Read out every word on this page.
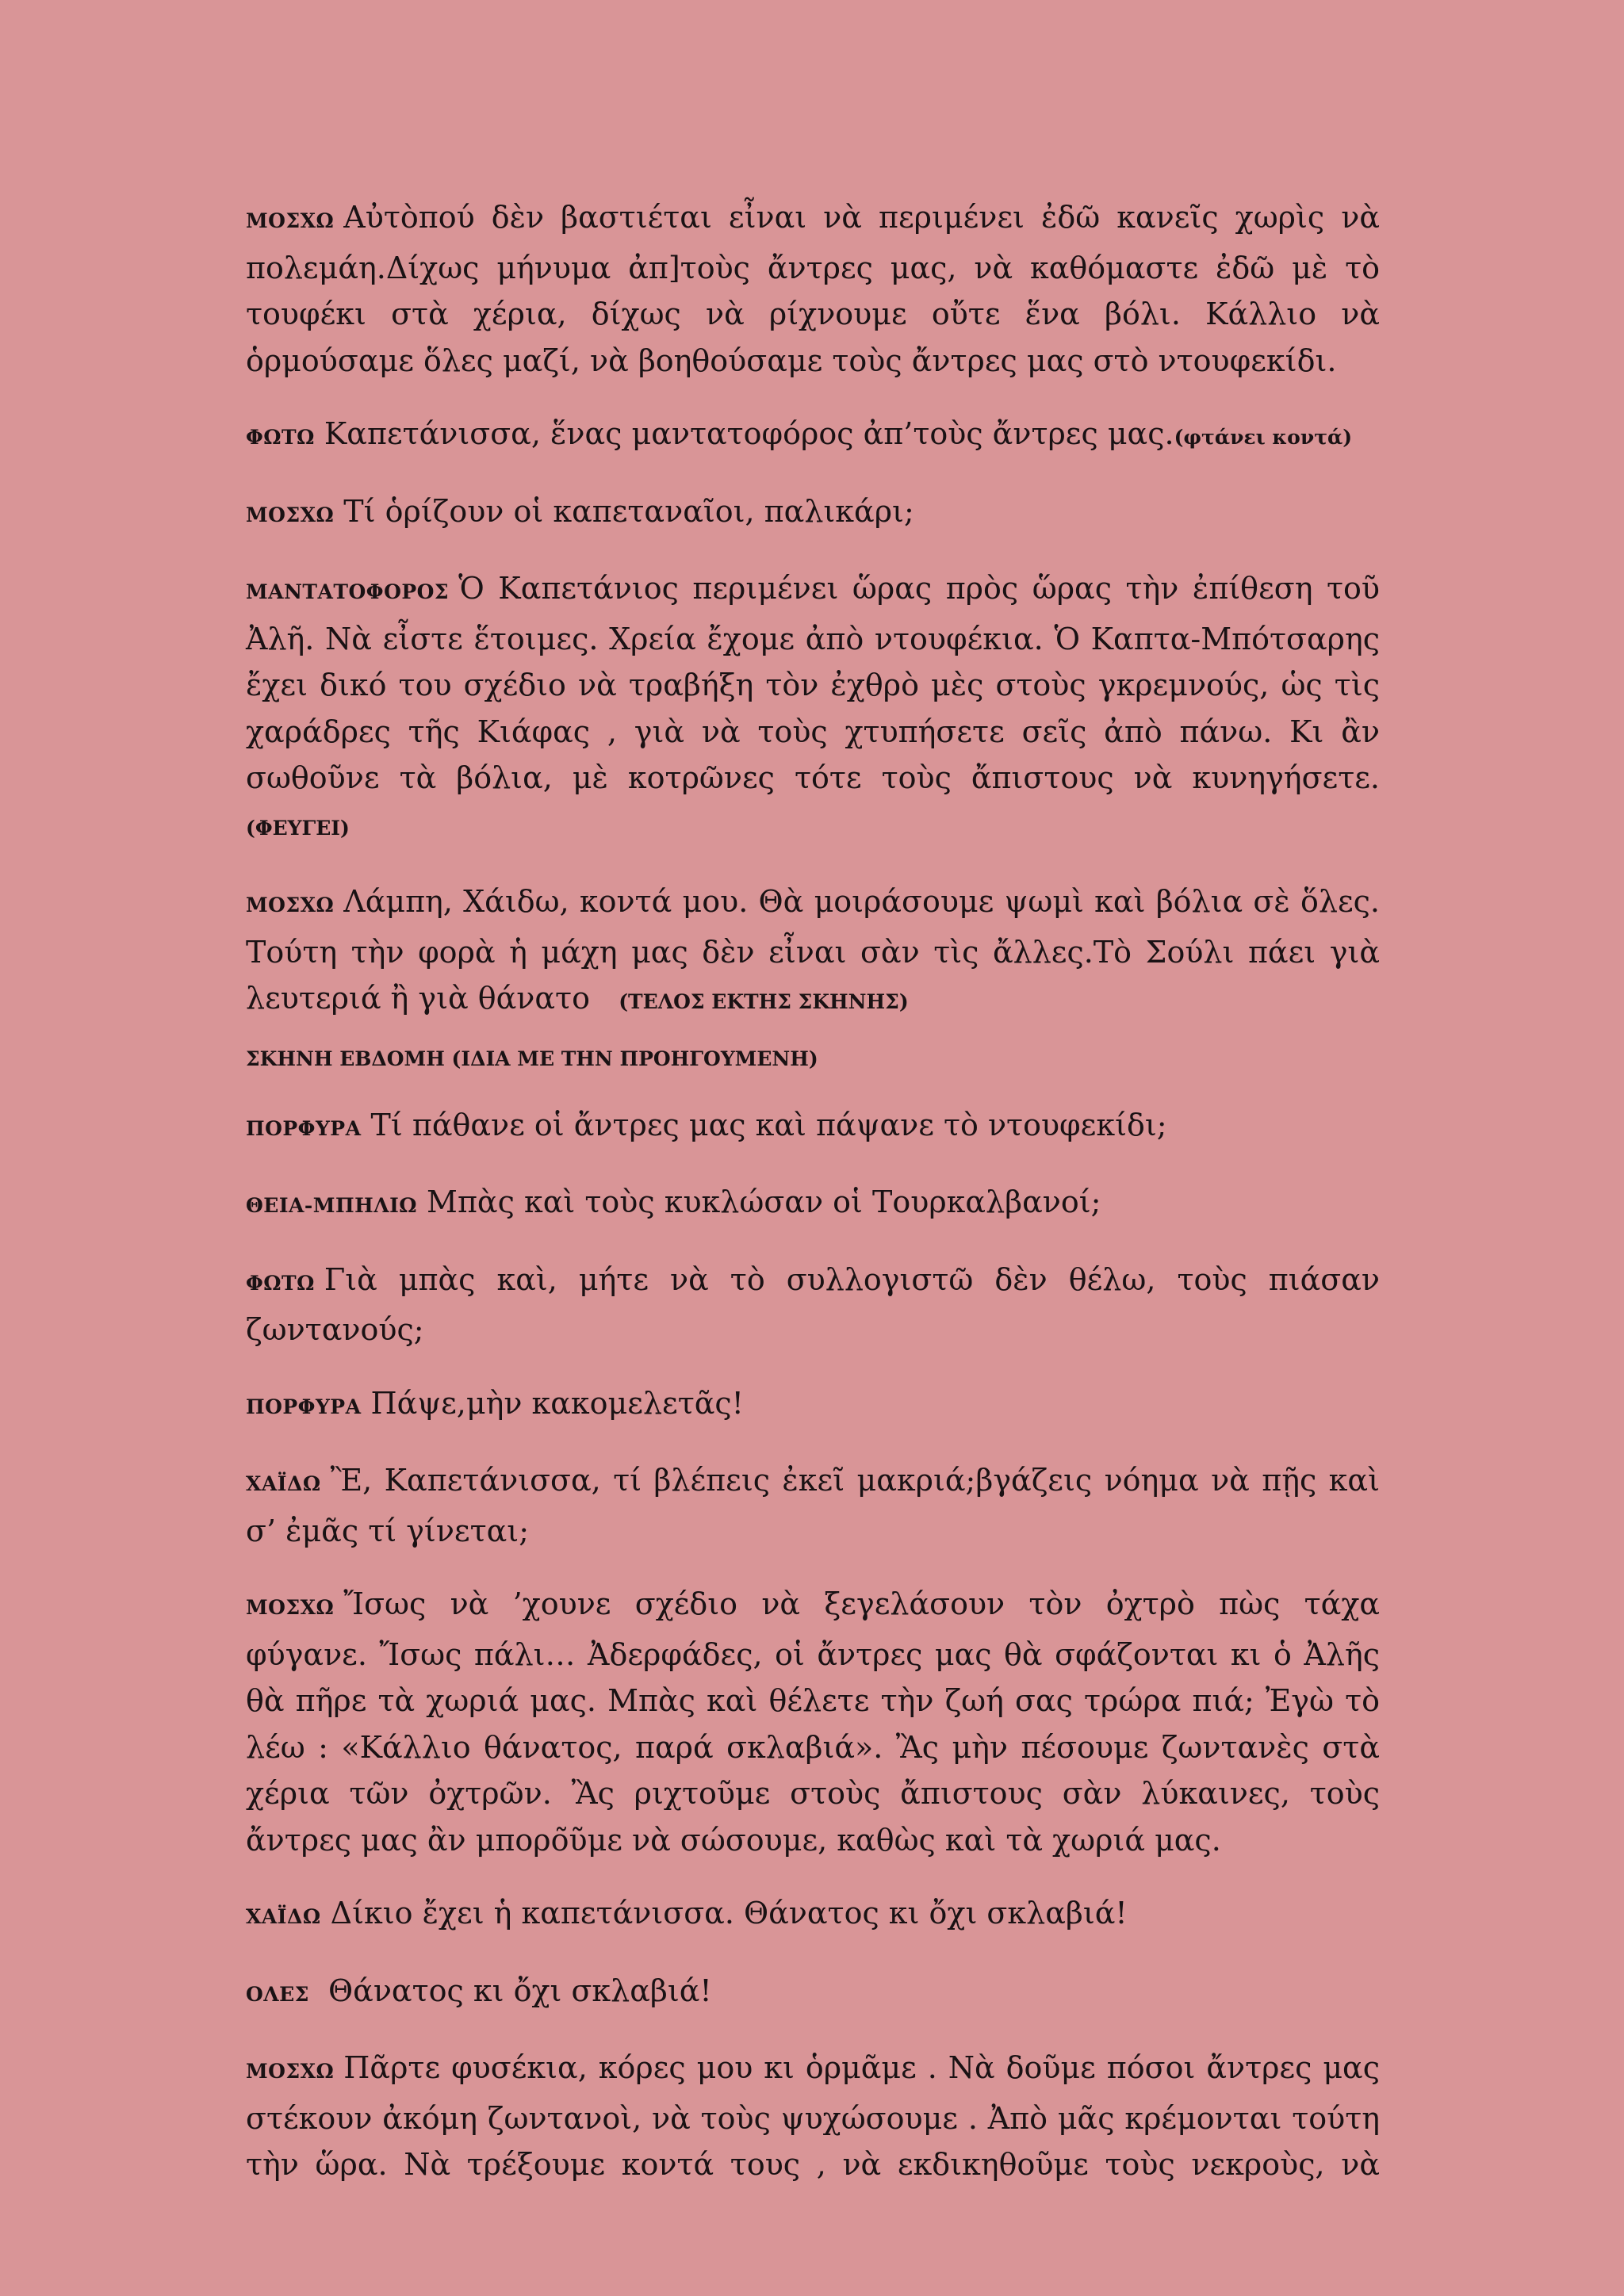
ΜΟΣΧΩ Αὐτὸπού δὲν βαστιέται εἶναι νὰ περιμένει ἐδῶ κανεῖς χωρὶς νὰ πολεμάη.Δίχως μήνυμα ἀπ]τοὺς ἄντρες μας, νὰ καθόμαστε ἐδῶ μὲ τὸ τουφέκι στὰ χέρια, δίχως νὰ ρίχνουμε οὔτε ἕνα βόλι. Κάλλιο νὰ ὁρμούσαμε ὅλες μαζί, νὰ βοηθούσαμε τοὺς ἄντρες μας στὸ ντουφεκίδι.

ΦΩΤΩ Καπετάνισσα, ἕνας μαντατοφόρος ἀπ’τοὺς ἄντρες μας.(φτάνει κοντά)

ΜΟΣΧΩ Τί ὁρίζουν οἱ καπεταναῖοι, παλικάρι;

ΜΑΝΤΑΤΟΦΟΡΟΣ Ὁ Καπετάνιος περιμένει ὥρας πρὸς ὥρας τὴν ἐπίθεση τοῦ Ἀλῆ. Νὰ εἶστε ἕτοιμες. Χρεία ἔχομε ἀπὸ ντουφέκια. Ὁ Καπτα-Μπότσαρης ἔχει δικό του σχέδιο νὰ τραβήξη τὸν ἐχθρὸ μὲς στοὺς γκρεμνούς, ὡς τὶς χαράδρες τῆς Κιάφας , γιὰ νὰ τοὺς χτυπήσετε σεῖς ἀπὸ πάνω. Κι ἂν σωθοῦνε τὰ βόλια, μὲ κοτρῶνες τότε τοὺς ἄπιστους νὰ κυνηγήσετε. (ΦΕΥΓΕΙ)

ΜΟΣΧΩ Λάμπη, Χάιδω, κοντά μου. Θὰ μοιράσουμε ψωμὶ καὶ βόλια σὲ ὅλες. Τούτη τὴν φορὰ ἡ μάχη μας δὲν εἶναι σὰν τὶς ἄλλες.Τὸ Σούλι πάει γιὰ λευτεριά ἢ γιὰ θάνατο (ΤΕΛΟΣ ΕΚΤΗΣ ΣΚΗΝΗΣ)

ΣΚΗΝΗ ΕΒΔΟΜΗ (ΙΔΙΑ ΜΕ ΤΗΝ ΠΡΟΗΓΟΥΜΕΝΗ)

ΠΟΡΦΥΡΑ Τί πάθανε οἱ ἄντρες μας καὶ πάψανε τὸ ντουφεκίδι;

ΘΕΙΑ-ΜΠΗΛΙΩ Μπὰς καὶ τοὺς κυκλώσαν οἱ Τουρκαλβανοί;

ΦΩΤΩ Γιὰ μπὰς καὶ, μήτε νὰ τὸ συλλογιστῶ δὲν θέλω, τοὺς πιάσαν ζωντανούς;

ΠΟΡΦΥΡΑ Πάψε,μὴν κακομελετᾶς!

ΧΑΪΔΩ Ἒ, Καπετάνισσα, τί βλέπεις ἐκεῖ μακριά;βγάζεις νόημα νὰ πῇς καὶ σ’ ἐμᾶς τί γίνεται;

ΜΟΣΧΩ Ἴσως νὰ ’χουνε σχέδιο νὰ ξεγελάσουν τὸν ὀχτρὸ πὼς τάχα φύγανε. Ἴσως πάλι… Ἀδερφάδες, οἱ ἄντρες μας θὰ σφάζονται κι ὁ Ἀλῆς θὰ πῆρε τὰ χωριά μας. Μπὰς καὶ θέλετε τὴν ζωή σας τρώρα πιά; Ἐγὼ τὸ λέω : «Κάλλιο θάνατος, παρά σκλαβιά». Ἂς μὴν πέσουμε ζωντανὲς στὰ χέρια τῶν ὀχτρῶν. Ἂς ριχτοῦμε στοὺς ἄπιστους σὰν λύκαινες, τοὺς ἄντρες μας ἂν μπορο̃ῦμε νὰ σώσουμε, καθὼς καὶ τὰ χωριά μας.

ΧΑΪΔΩ Δίκιο ἔχει ἡ καπετάνισσα. Θάνατος κι ὄχι σκλαβιά!

ΟΛΕΣ Θάνατος κι ὄχι σκλαβιά!

ΜΟΣΧΩ Πᾶρτε φυσέκια, κόρες μου κι ὁρμᾶμε . Νὰ δοῦμε πόσοι ἄντρες μας στέκουν ἀκόμη ζωντανοὶ, νὰ τοὺς ψυχώσουμε . Ἀπὸ μᾶς κρέμονται τούτη τὴν ὥρα. Νὰ τρέξουμε κοντά τους , νὰ εκδικηθοῦμε τοὺς νεκροὺς, νὰ
